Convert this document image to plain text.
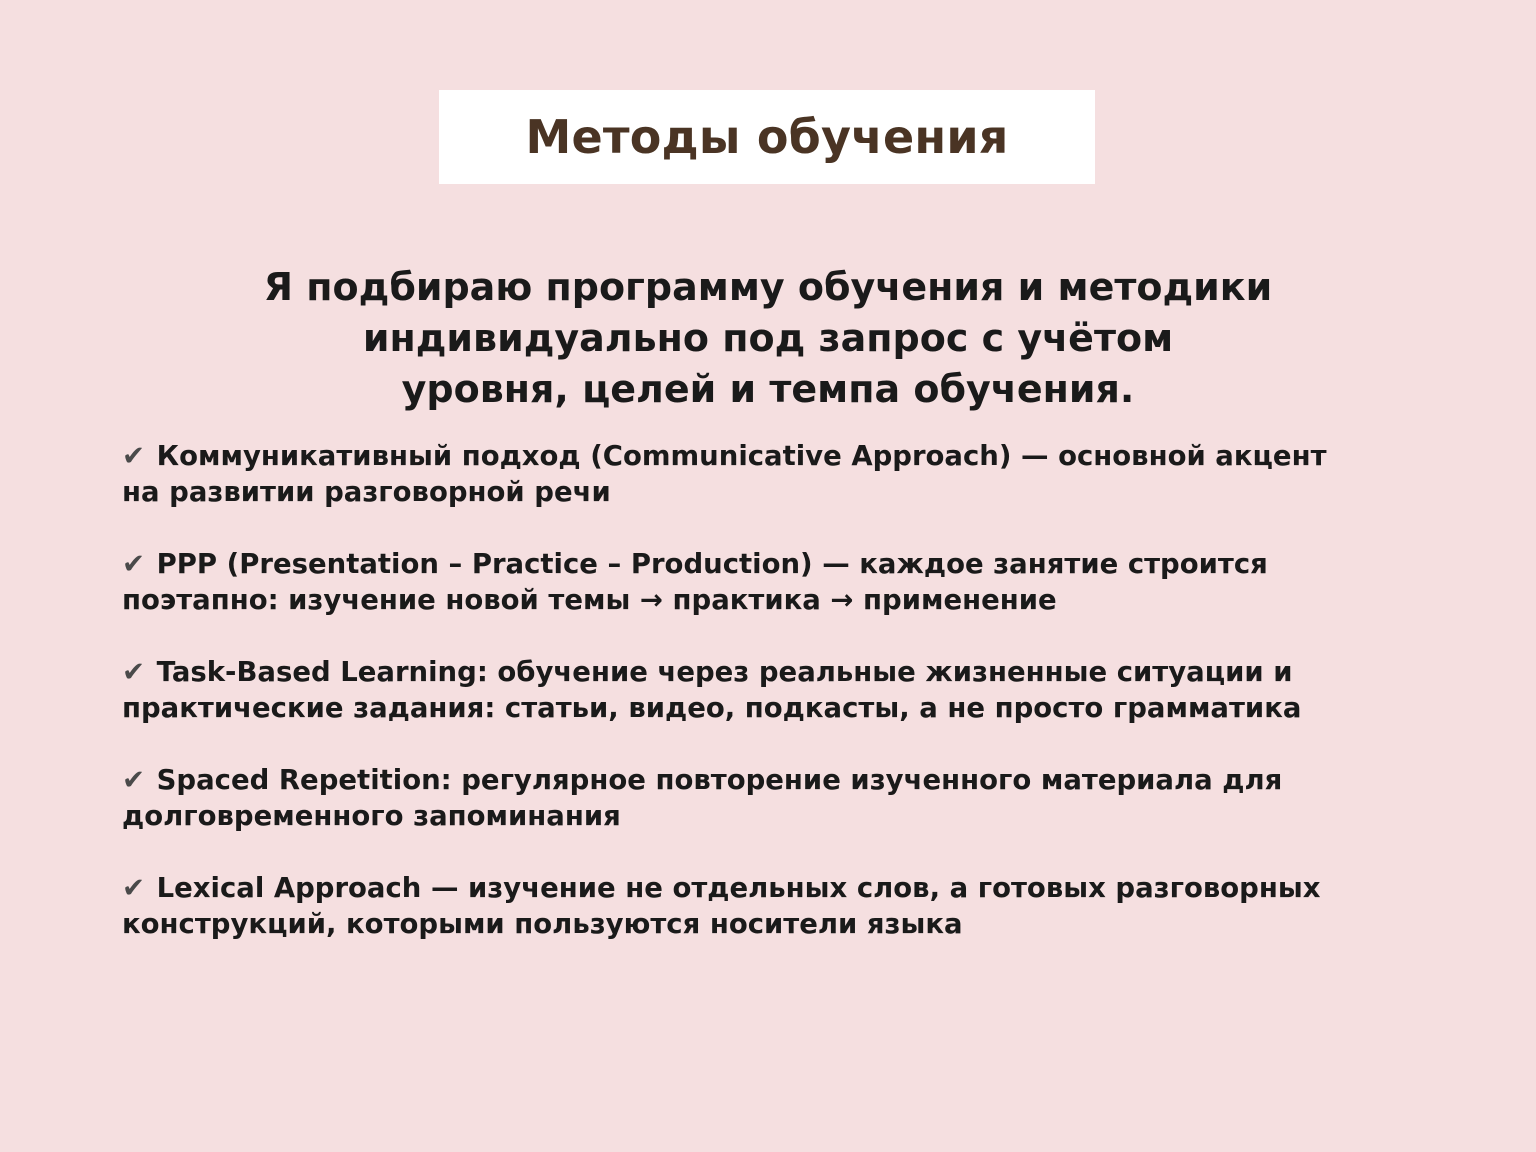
Методы обучения
Я подбираю программу обучения и методики
индивидуально под запрос с учётом
уровня, целей и темпа обучения.
✔ Коммуникативный подход (Communicative Approach) — основной акцент
на развитии разговорной речи
✔ PPP (Presentation – Practice – Production) — каждое занятие строится
поэтапно: изучение новой темы → практика → применение
✔ Task-Based Learning: обучение через реальные жизненные ситуации и
практические задания: статьи, видео, подкасты, а не просто грамматика
✔ Spaced Repetition: регулярное повторение изученного материала для
долговременного запоминания
✔ Lexical Approach — изучение не отдельных слов, а готовых разговорных
конструкций, которыми пользуются носители языка
